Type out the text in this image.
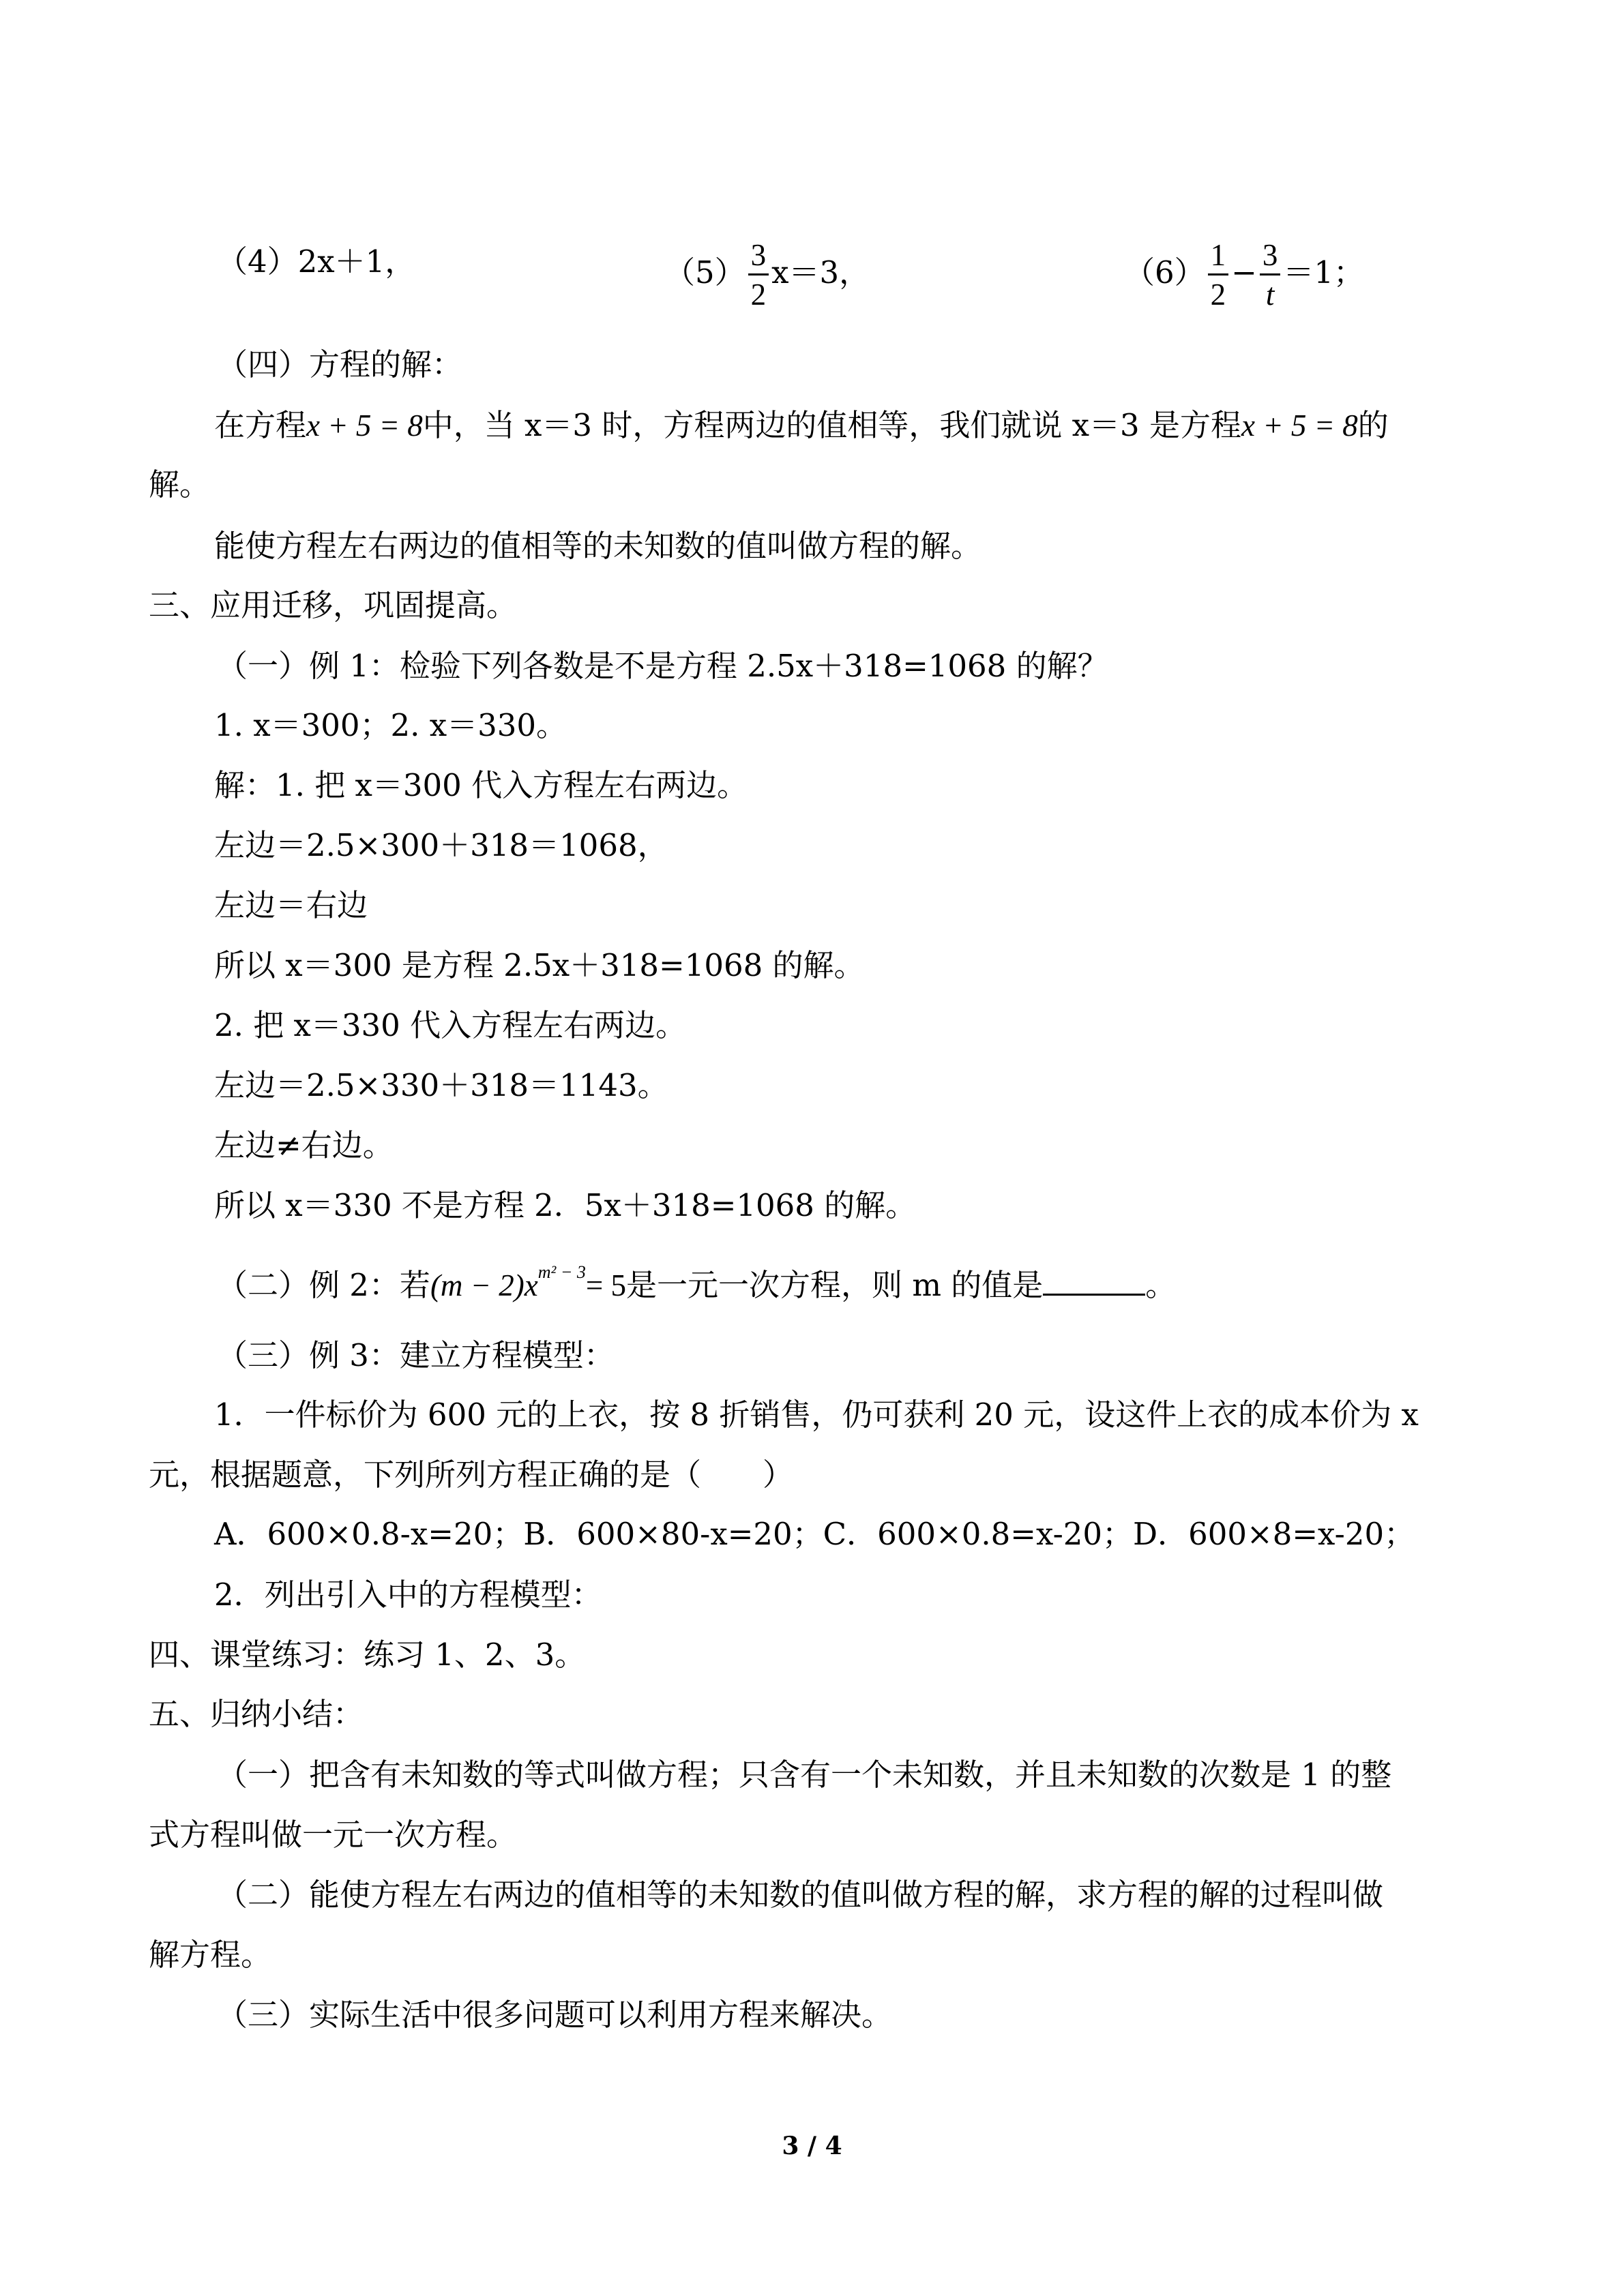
（4）2x＋1，	$(5) \frac{3}{2} x=3$，	$(6) \frac{1}{2} - \frac{3}{t} =1$；
（四）方程的解：
在方程x + 5 = 8中，当 x＝3 时，方程两边的值相等，我们就说 x＝3 是方程x + 5 = 8的
解。
能使方程左右两边的值相等的未知数的值叫做方程的解。
三、应用迁移，巩固提高。
（一）例 1：检验下列各数是不是方程 2.5x＋318=1068 的解？
1. x＝300；2. x＝330。
解：1. 把 x＝300 代入方程左右两边。
左边＝2.5×300＋318＝1068，
左边＝右边
所以 x＝300 是方程 2.5x＋318=1068 的解。
2. 把 x＝330 代入方程左右两边。
左边＝2.5×330＋318＝1143。
左边≠右边。
所以 x＝330 不是方程 2．5x＋318=1068 的解。
（二）例 2：若$(m - 2)x^{m^2 - 3}= 5$是一元一次方程，则 m 的值是	。
（三）例 3：建立方程模型：
1．一件标价为 600 元的上衣，按 8 折销售，仍可获利 20 元，设这件上衣的成本价为 x
元，根据题意，下列所列方程正确的是（　　）
A．600×0.8-x=20；B．600×80-x=20；C．600×0.8=x-20；D．600×8=x-20；
2．列出引入中的方程模型：
四、课堂练习：练习 1、2、3。
五、归纳小结：
（一）把含有未知数的等式叫做方程；只含有一个未知数，并且未知数的次数是 1 的整
式方程叫做一元一次方程。
（二）能使方程左右两边的值相等的未知数的值叫做方程的解，求方程的解的过程叫做
解方程。
（三）实际生活中很多问题可以利用方程来解决。
3 / 4
